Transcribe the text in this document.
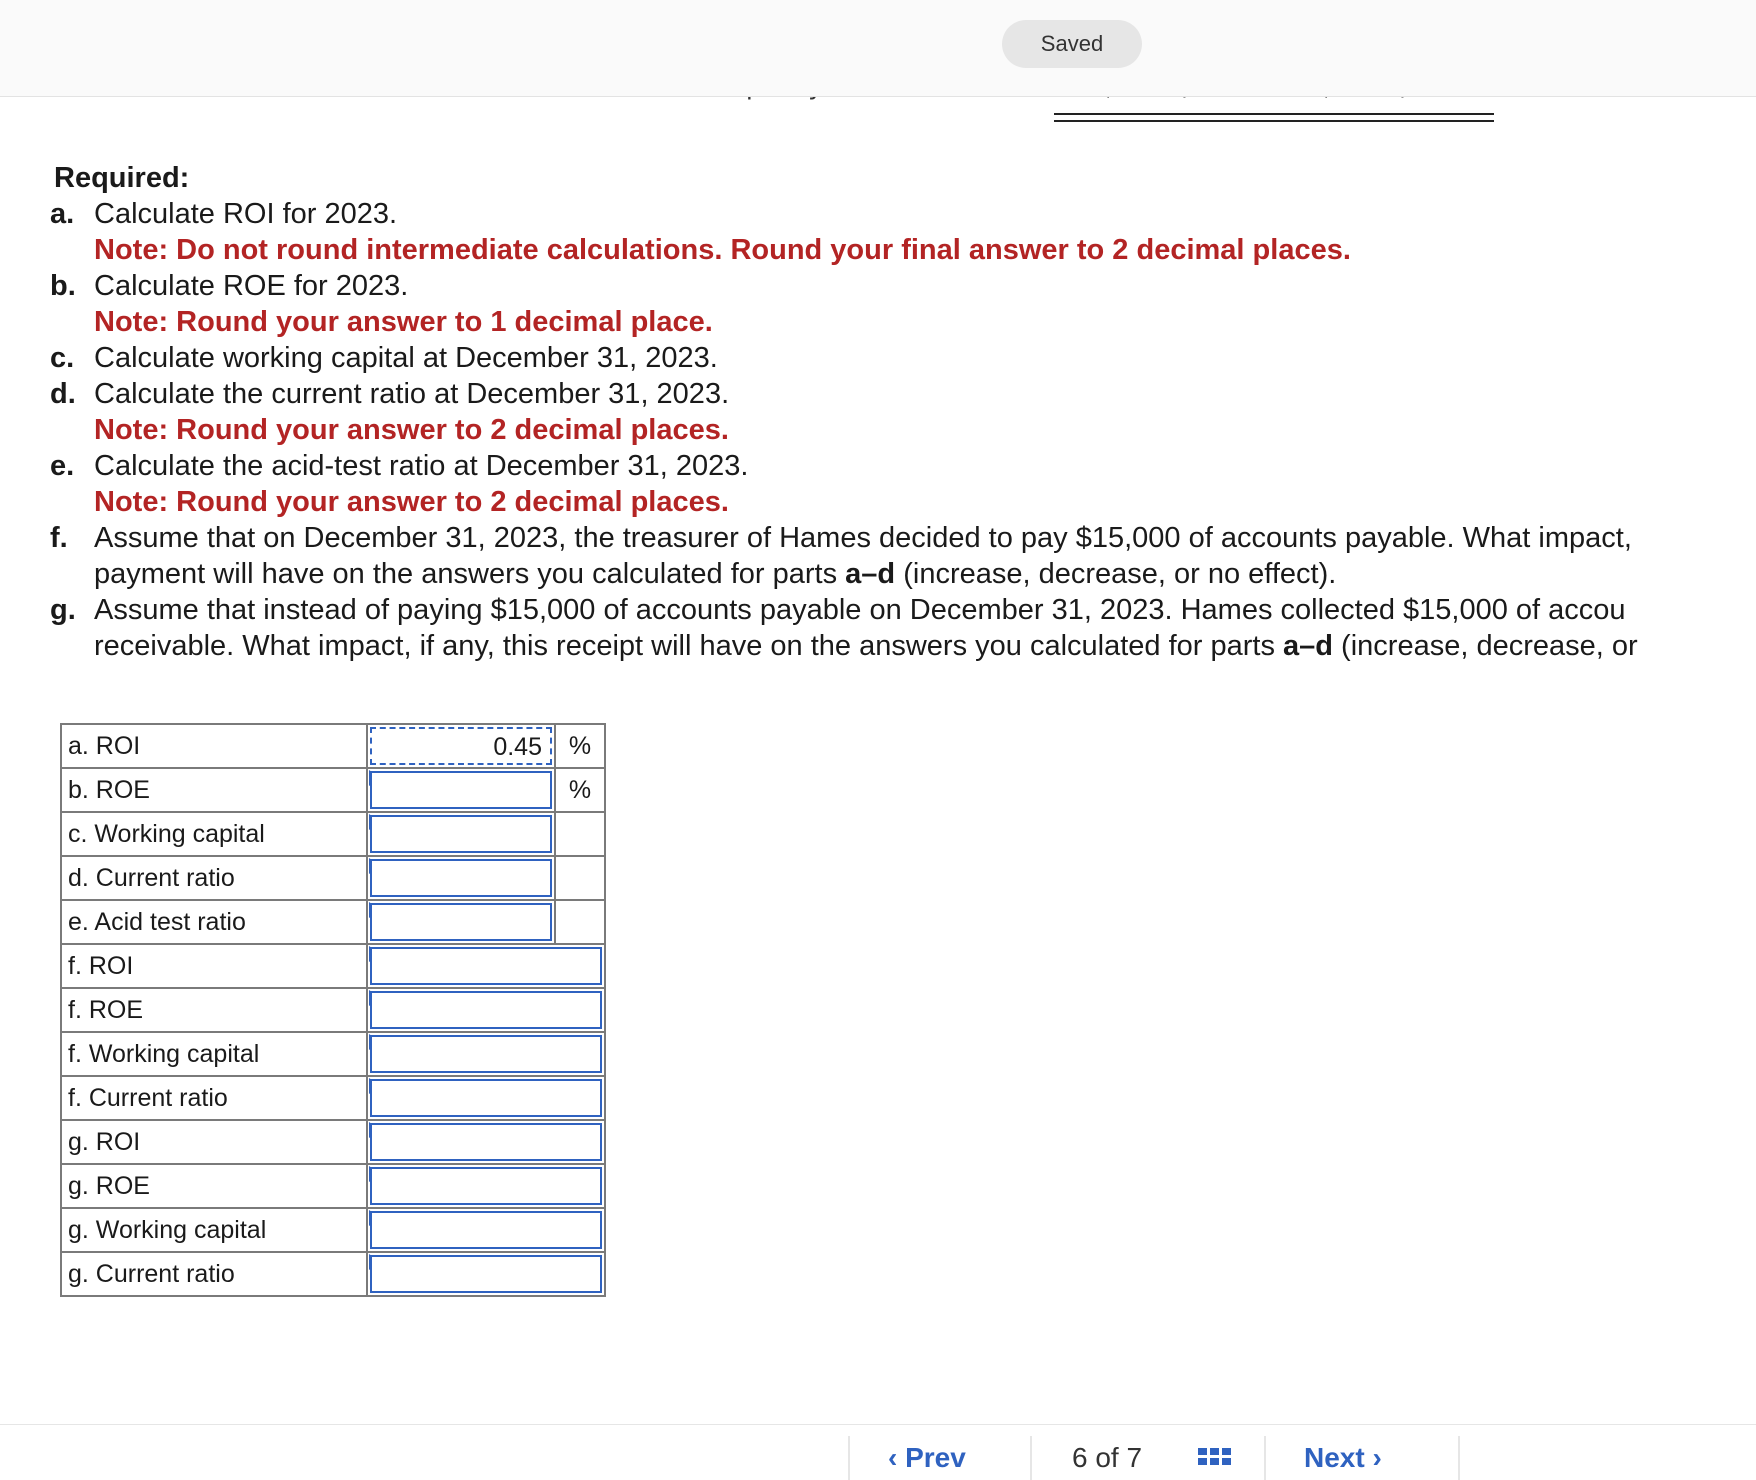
Saved
Required:
a. Calculate ROI for 2023.
Note: Do not round intermediate calculations. Round your final answer to 2 decimal places.
b. Calculate ROE for 2023.
Note: Round your answer to 1 decimal place.
c. Calculate working capital at December 31, 2023.
d. Calculate the current ratio at December 31, 2023.
Note: Round your answer to 2 decimal places.
e. Calculate the acid-test ratio at December 31, 2023.
Note: Round your answer to 2 decimal places.
f. Assume that on December 31, 2023, the treasurer of Hames decided to pay $15,000 of accounts payable. What impact,
payment will have on the answers you calculated for parts a–d (increase, decrease, or no effect).
g. Assume that instead of paying $15,000 of accounts payable on December 31, 2023. Hames collected $15,000 of accou
receivable. What impact, if any, this receipt will have on the answers you calculated for parts a–d (increase, decrease, or
a. ROI	0.45	%
b. ROE		%
c. Working capital	

d. Current ratio	

e. Acid test ratio	

f. ROI		

f. ROE		

f. Working capital		

f. Current ratio		

g. ROI		

g. ROE		

g. Working capital		

g. Current ratio		
‹ Prev	6 of 7	Next ›
